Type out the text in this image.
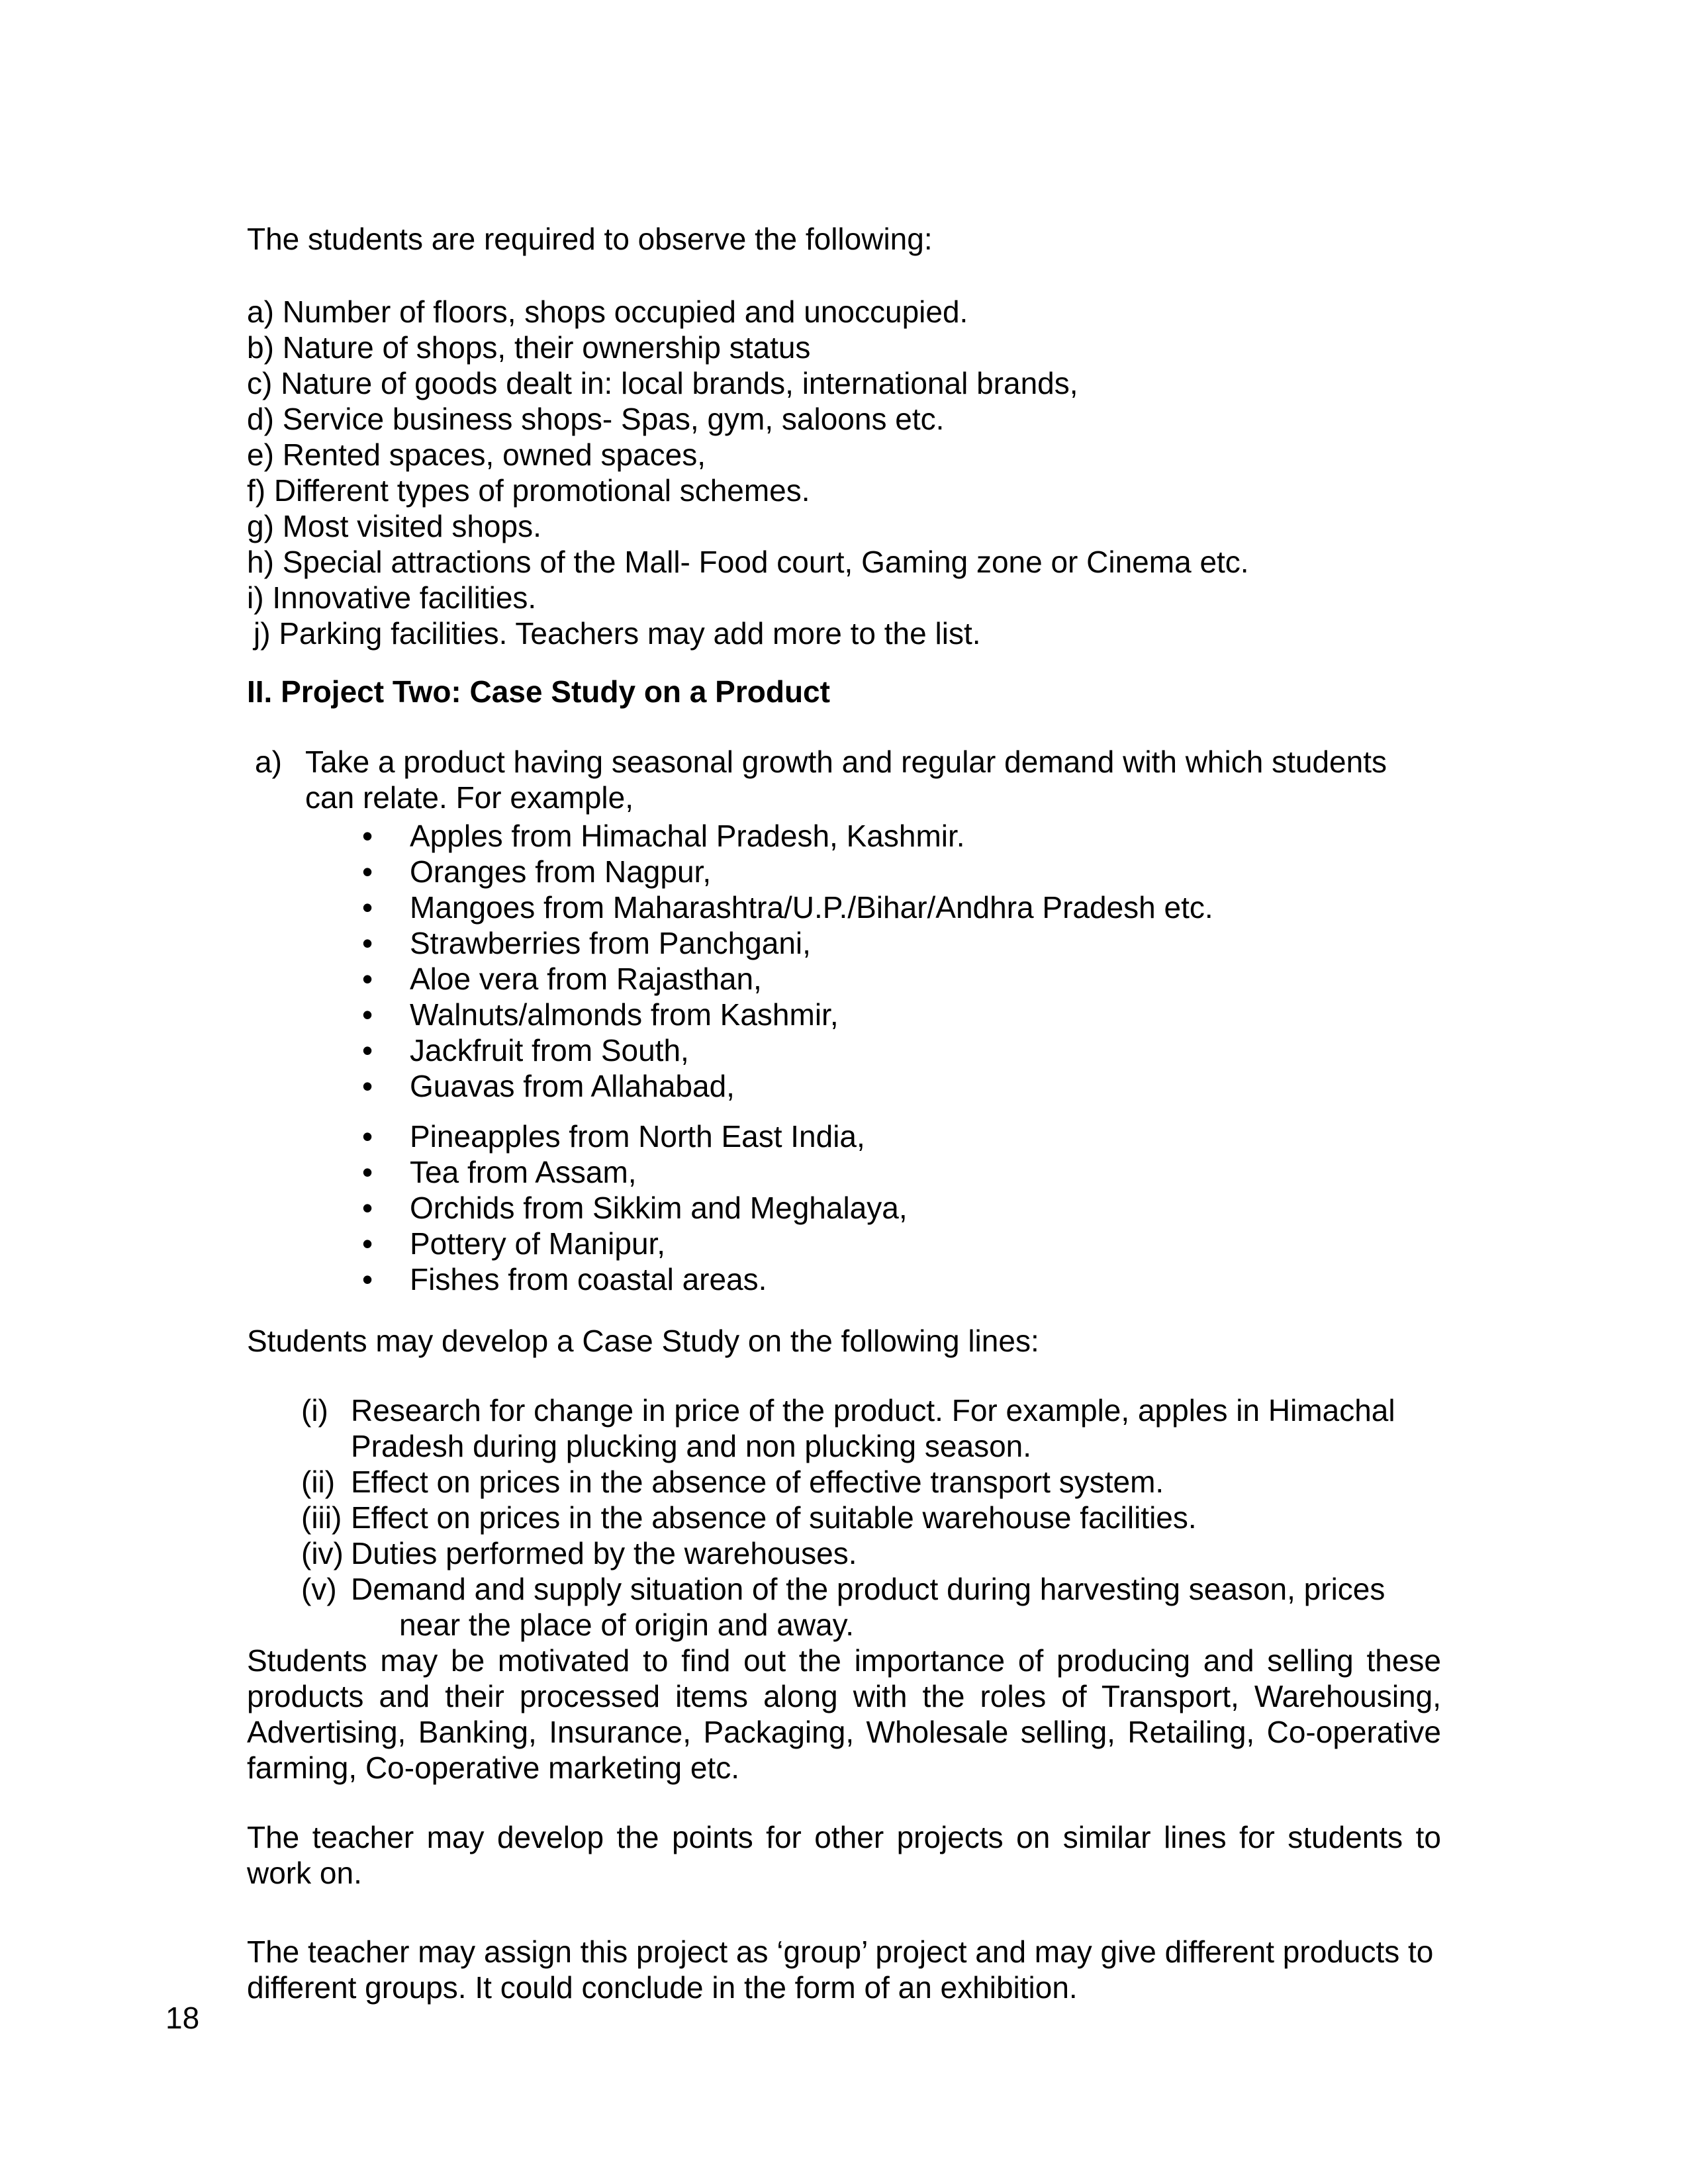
The students are required to observe the following:

a) Number of floors, shops occupied and unoccupied.
b) Nature of shops, their ownership status
c) Nature of goods dealt in: local brands, international brands,
d) Service business shops- Spas, gym, saloons etc.
e) Rented spaces, owned spaces,
f) Different types of promotional schemes.
g) Most visited shops.
h) Special attractions of the Mall- Food court, Gaming zone or Cinema etc.
i) Innovative facilities.
j) Parking facilities. Teachers may add more to the list.
II. Project Two: Case Study on a Product
a) Take a product having seasonal growth and regular demand with which students can relate. For example,
•	Apples from Himachal Pradesh, Kashmir.
•	Oranges from Nagpur,
•	Mangoes from Maharashtra/U.P./Bihar/Andhra Pradesh etc.
•	Strawberries from Panchgani,
•	Aloe vera from Rajasthan,
•	Walnuts/almonds from Kashmir,
•	Jackfruit from South,
•	Guavas from Allahabad,
•	Pineapples from North East India,
•	Tea from Assam,
•	Orchids from Sikkim and Meghalaya,
•	Pottery of Manipur,
•	Fishes from coastal areas.

Students may develop a Case Study on the following lines:

(i) Research for change in price of the product. For example, apples in Himachal Pradesh during plucking and non plucking season.
(ii) Effect on prices in the absence of effective transport system.
(iii) Effect on prices in the absence of suitable warehouse facilities.
(iv) Duties performed by the warehouses.
(v) Demand and supply situation of the product during harvesting season, prices
near the place of origin and away.

Students may be motivated to find out the importance of producing and selling these products and their processed items along with the roles of Transport, Warehousing, Advertising, Banking, Insurance, Packaging, Wholesale selling, Retailing, Co-operative farming, Co-operative marketing etc.

The teacher may develop the points for other projects on similar lines for students to work on.

The teacher may assign this project as ‘group’ project and may give different products to different groups. It could conclude in the form of an exhibition.

18
